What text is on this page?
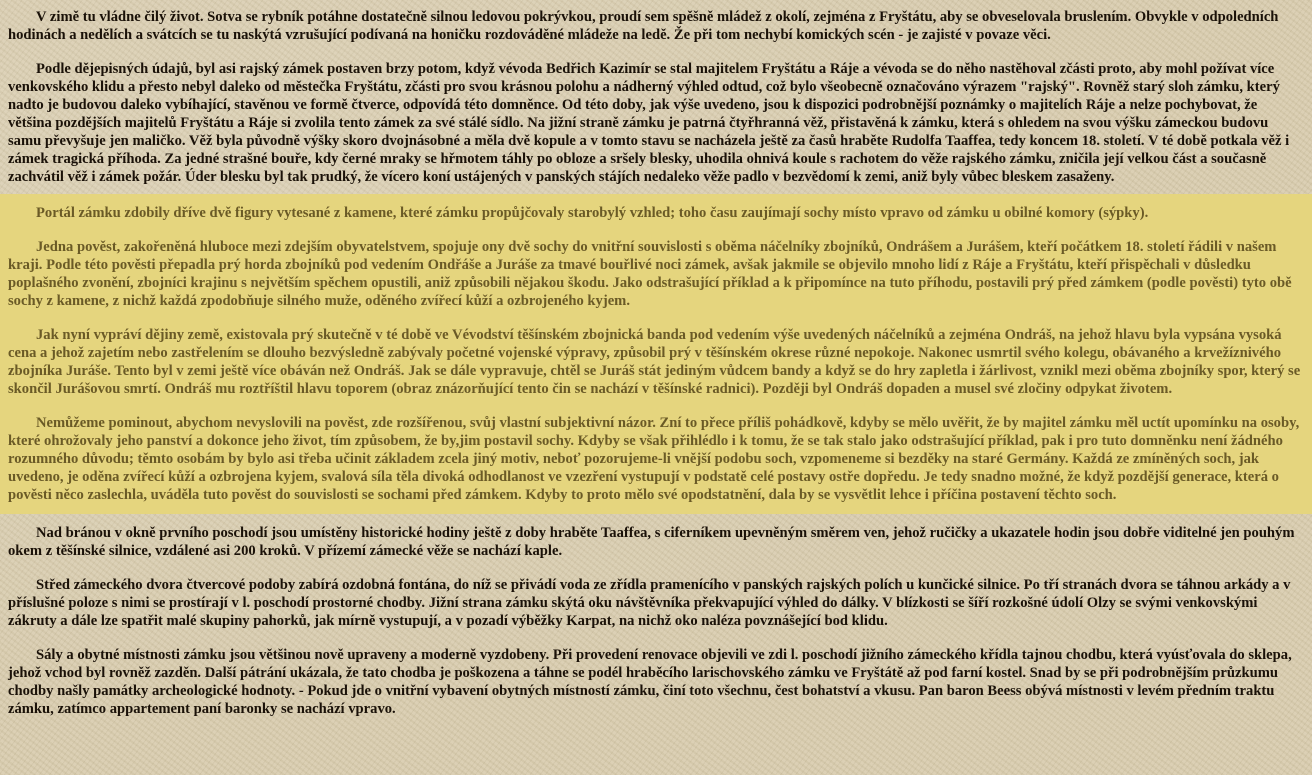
V zimě tu vládne čilý život. Sotva se rybník potáhne dostatečně silnou ledovou pokrývkou, proudí sem spěšně mládež z okolí, zejména z Fryštátu, aby se obveselovala bruslením. Obvykle v odpoledních hodinách a nedělích a svátcích se tu naskýtá vzrušující podívaná na honičku rozdováděné mládeže na ledě. Že při tom nechybí komických scén - je zajisté v povaze věci.

Podle dějepisných údajů, byl asi rajský zámek postaven brzy potom, když vévoda Bedřich Kazimír se stal majitelem Fryštátu a Ráje a vévoda se do něho nastěhoval zčásti proto, aby mohl požívat více venkovského klidu a přesto nebyl daleko od městečka Fryštátu, zčásti pro svou krásnou polohu a nádherný výhled odtud, což bylo všeobecně označováno výrazem "rajský". Rovněž starý sloh zámku, který nadto je budovou daleko vybíhající, stavěnou ve formě čtverce, odpovídá této domněnce. Od této doby, jak výše uvedeno, jsou k dispozici podrobnější poznámky o majitelích Ráje a nelze pochybovat, že většina pozdějších majitelů Fryštátu a Ráje si zvolila tento zámek za své stálé sídlo. Na jižní straně zámku je patrná čtyřhranná věž, přistavěná k zámku, která s ohledem na svou výšku zámeckou budovu samu převyšuje jen maličko. Věž byla původně výšky skoro dvojnásobné a měla dvě kopule a v tomto stavu se nacházela ještě za časů hraběte Rudolfa Taaffea, tedy koncem 18. století. V té době potkala věž i zámek tragická příhoda. Za jedné strašné bouře, kdy černé mraky se hřmotem táhly po obloze a sršely blesky, uhodila ohnivá koule s rachotem do věže rajského zámku, zničila její velkou část a současně zachvátil věž i zámek požár. Úder blesku byl tak prudký, že vícero koní ustájených v panských stájích nedaleko věže padlo v bezvědomí k zemi, aniž byly vůbec bleskem zasaženy.

Portál zámku zdobily dříve dvě figury vytesané z kamene, které zámku propůjčovaly starobylý vzhled; toho času zaujímají sochy místo vpravo od zámku u obilné komory (sýpky).

Jedna pověst, zakořeněná hluboce mezi zdejším obyvatelstvem, spojuje ony dvě sochy do vnitřní souvislosti s oběma náčelníky zbojníků, Ondrášem a Jurášem, kteří počátkem 18. století řádili v našem kraji. Podle této pověsti přepadla prý horda zbojníků pod vedením Ondřáše a Juráše za tmavé bouřlivé noci zámek, avšak jakmile se objevilo mnoho lidí z Ráje a Fryštátu, kteří přispěchali v důsledku poplašného zvonění, zbojníci krajinu s největším spěchem opustili, aniž způsobili nějakou škodu. Jako odstrašující příklad a k připomínce na tuto příhodu, postavili prý před zámkem (podle pověsti) tyto obě sochy z kamene, z nichž každá zpodobňuje silného muže, oděného zvířecí kůží a ozbrojeného kyjem.

Jak nyní vypráví dějiny země, existovala prý skutečně v té době ve Vévodství těšínském zbojnická banda pod vedením výše uvedených náčelníků a zejména Ondráš, na jehož hlavu byla vypsána vysoká cena a jehož zajetím nebo zastřelením se dlouho bezvýsledně zabývaly početné vojenské výpravy, způsobil prý v těšínském okrese různé nepokoje. Nakonec usmrtil svého kolegu, obávaného a krvežíznivého zbojníka Juráše. Tento byl v zemi ještě více obáván než Ondráš. Jak se dále vypravuje, chtěl se Juráš stát jediným vůdcem bandy a když se do hry zapletla i žárlivost, vznikl mezi oběma zbojníky spor, který se skončil Jurášovou smrtí. Ondráš mu roztříštil hlavu toporem (obraz znázorňující tento čin se nachází v těšínské radnici). Později byl Ondráš dopaden a musel své zločiny odpykat životem.

Nemůžeme pominout, abychom nevyslovili na pověst, zde rozšířenou, svůj vlastní subjektivní názor. Zní to přece příliš pohádkově, kdyby se mělo uvěřit, že by majitel zámku měl uctít upomínku na osoby, které ohrožovaly jeho panství a dokonce jeho život, tím způsobem, že by,jim postavil sochy. Kdyby se však přihlédlo i k tomu, že se tak stalo jako odstrašující příklad, pak i pro tuto domněnku není žádného rozumného důvodu; těmto osobám by bylo asi třeba učinit základem zcela jiný motiv, neboť pozorujeme-li vnější podobu soch, vzpomeneme si bezděky na staré Germány. Každá ze zmíněných soch, jak uvedeno, je oděna zvířecí kůží a ozbrojena kyjem, svalová síla těla divoká odhodlanost ve vzezření vystupují v podstatě celé postavy ostře dopředu. Je tedy snadno možné, že když pozdější generace, která o pověsti něco zaslechla, uváděla tuto pověst do souvislosti se sochami před zámkem. Kdyby to proto mělo své opodstatnění, dala by se vysvětlit lehce i příčina postavení těchto soch.

Nad bránou v okně prvního poschodí jsou umístěny historické hodiny ještě z doby hraběte Taaffea, s ciferníkem upevněným směrem ven, jehož ručičky a ukazatele hodin jsou dobře viditelné jen pouhým okem z těšínské silnice, vzdálené asi 200 kroků. V přízemí zámecké věže se nachází kaple.

Střed zámeckého dvora čtvercové podoby zabírá ozdobná fontána, do níž se přivádí voda ze zřídla pramenícího v panských rajských polích u kunčické silnice. Po tří stranách dvora se táhnou arkády a v příslušné poloze s nimi se prostírají v l. poschodí prostorné chodby. Jižní strana zámku skýtá oku návštěvníka překvapující výhled do dálky. V blízkosti se šíří rozkošné údolí Olzy se svými venkovskými zákruty a dále lze spatřit malé skupiny pahorků, jak mírně vystupují, a v pozadí výběžky Karpat, na nichž oko naléza povznášející bod klidu.

Sály a obytné místnosti zámku jsou většinou nově upraveny a moderně vyzdobeny. Při provedení renovace objevili ve zdi l. poschodí jižního zámeckého křídla tajnou chodbu, která vyúsťovala do sklepa, jehož vchod byl rovněž zazděn. Další pátrání ukázala, že tato chodba je poškozena a táhne se podél hraběcího larischovského zámku ve Fryštátě až pod farní kostel. Snad by se při podrobnějším průzkumu chodby našly památky archeologické hodnoty. - Pokud jde o vnitřní vybavení obytných místností zámku, činí toto všechnu, čest bohatství a vkusu. Pan baron Beess obývá místnosti v levém předním traktu zámku, zatímco appartement paní baronky se nachází vpravo.
